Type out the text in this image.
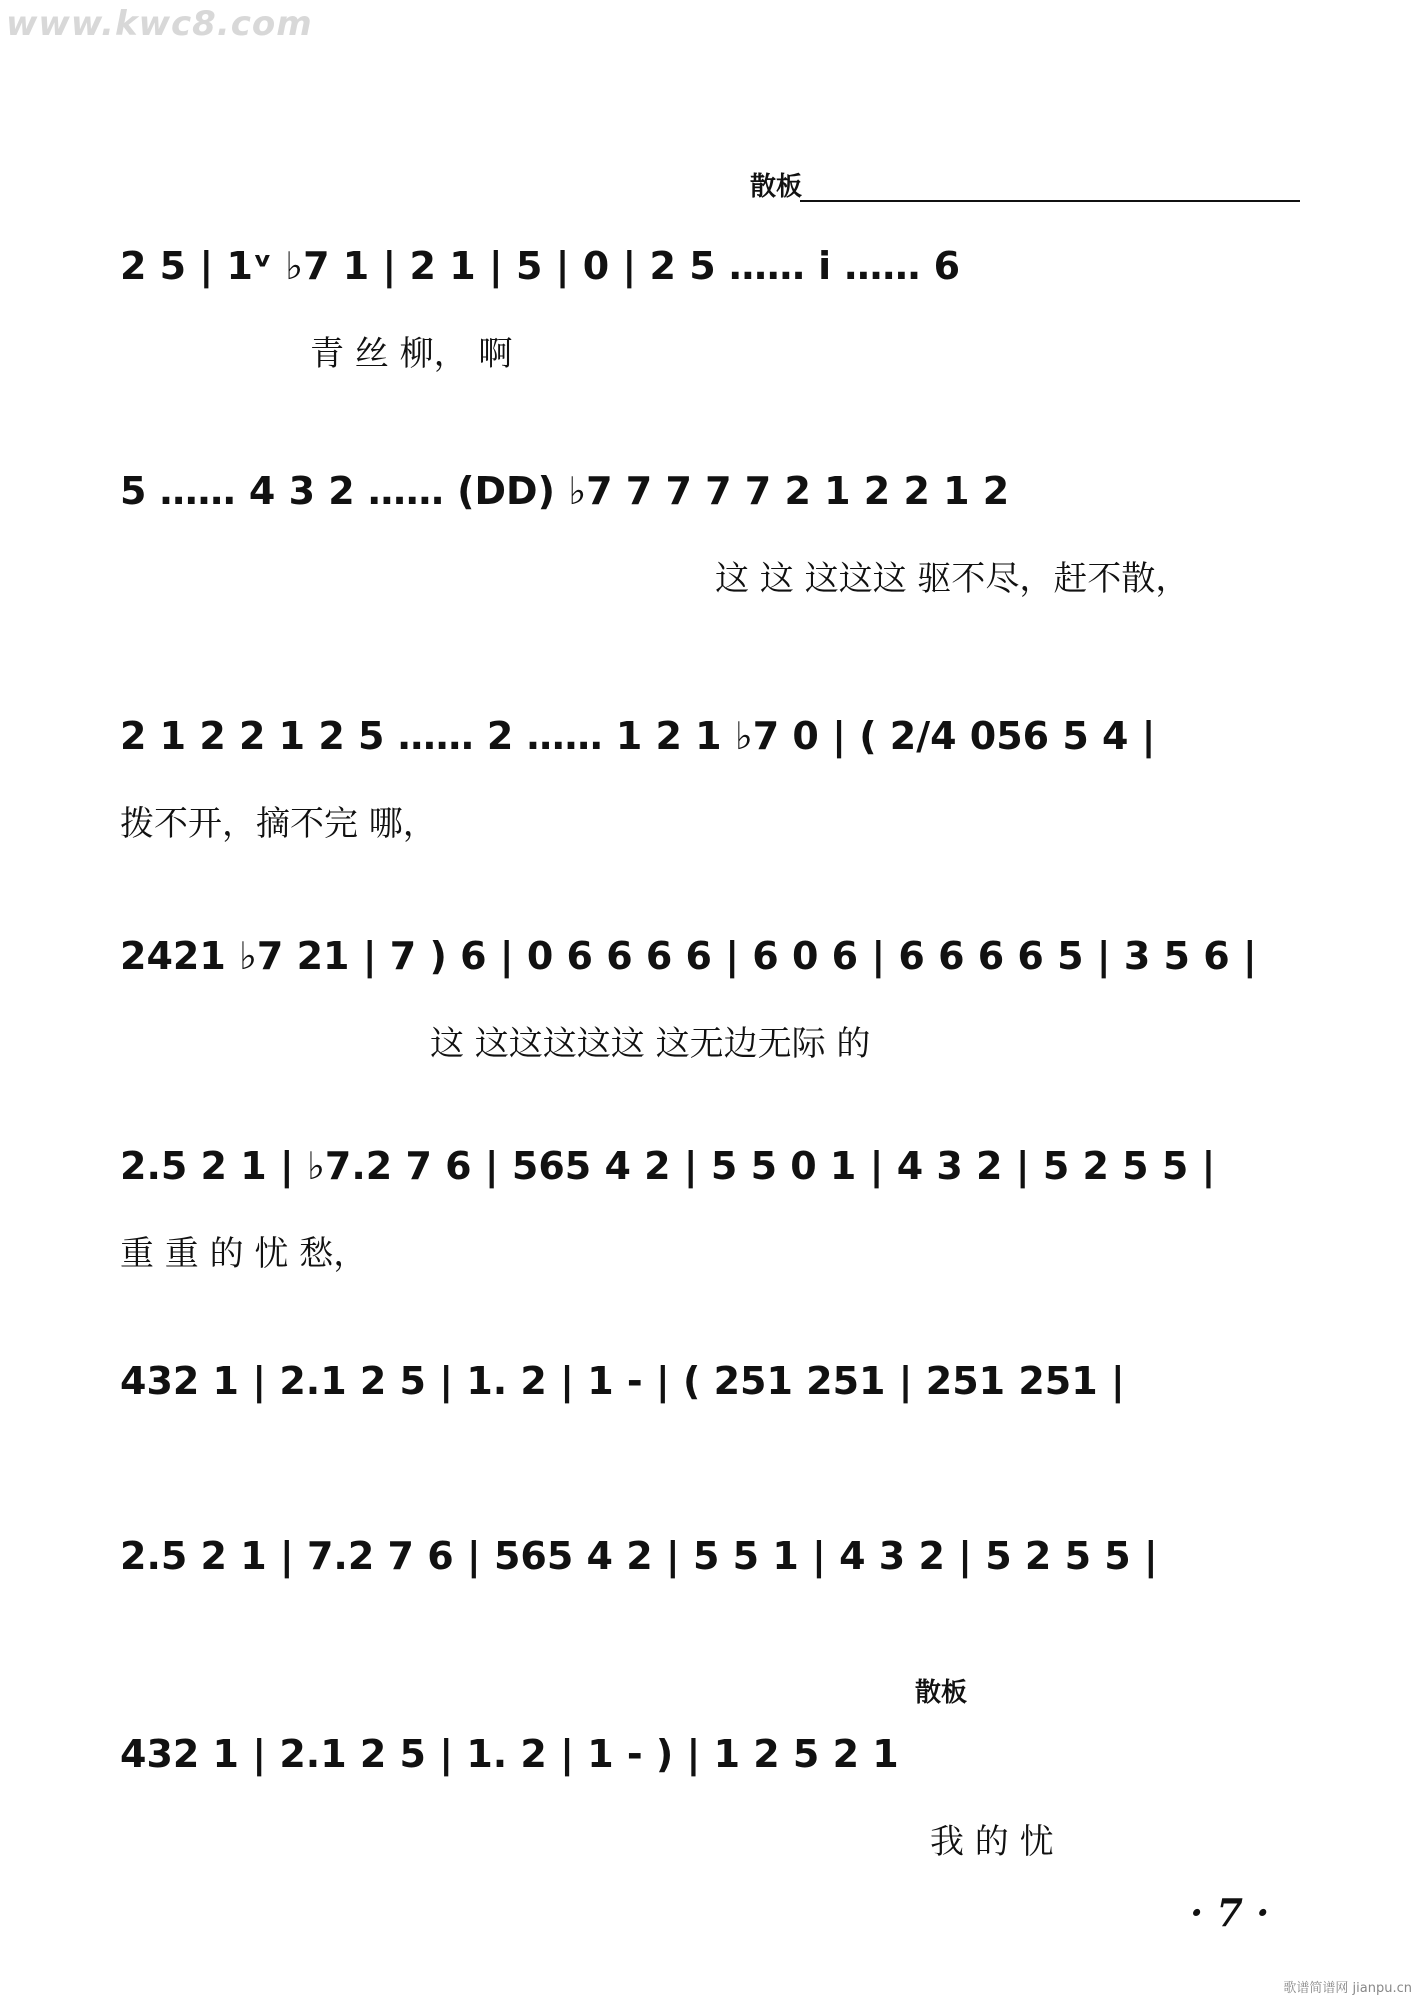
www.kwc8.com
散板
2 5 | 1ᵛ ♭7 1 | 2 1 | 5 | 0 | 2 5 …… i̇ …… 6
青 丝 柳， 啊
5 …… 4 3 2 …… (DD) ♭7 7 7 7 7 2 1 2 2 1 2
这 这 这这这 驱不尽，赶不散，
2 1 2 2 1 2 5 …… 2 …… 1 2 1 ♭7 0 | ( 2/4 056 5 4 |
拨不开，摘不完 哪，
2421 ♭7 21 | 7 ) 6 | 0 6 6 6 6 | 6 0 6 | 6 6 6 6 5 | 3 5 6 |
这 这这这这这 这无边无际 的
2.5 2 1 | ♭7.2 7 6 | 565 4 2 | 5 5 0 1 | 4 3 2 | 5 2 5 5 |
重 重 的 忧 愁，
432 1 | 2.1 2 5 | 1. 2 | 1 - | ( 251 251 | 251 251 |
2.5 2 1 | 7.2 7 6 | 565 4 2 | 5 5 1 | 4 3 2 | 5 2 5 5 |
散板
432 1 | 2.1 2 5 | 1. 2 | 1 - ) | 1 2 5 2 1
我 的 忧
· 7 ·
歌谱简谱网 jianpu.cn
